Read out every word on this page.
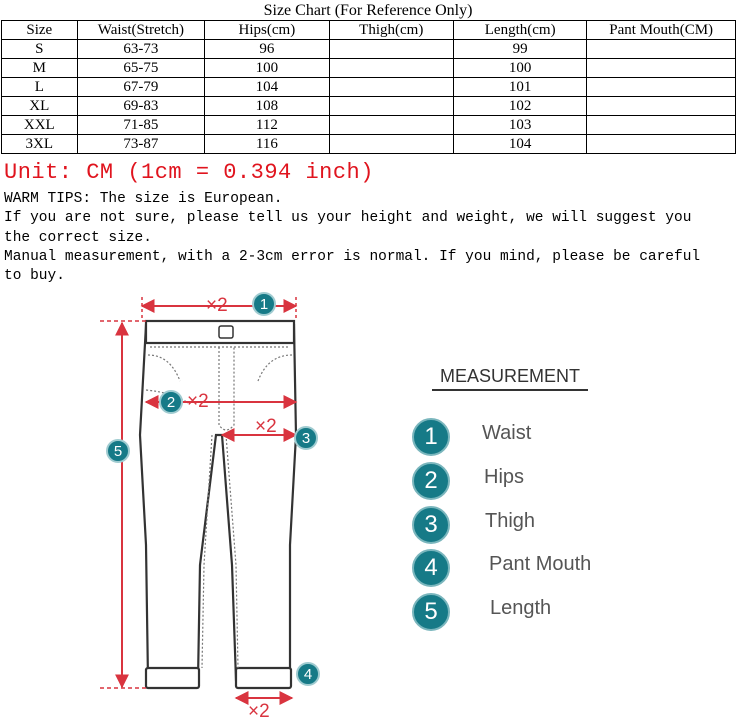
Size Chart (For Reference Only)
Size	Waist(Stretch)	Hips(cm)	Thigh(cm)	Length(cm)	Pant Mouth(CM)
S	63-73	96		99	
M	65-75	100		100	
L	67-79	104		101	
XL	69-83	108		102	
XXL	71-85	112		103	
3XL	73-87	116		104	
Unit: CM (1cm = 0.394 inch)
WARM TIPS: The size is European.
If you are not sure, please tell us your height and weight, we will suggest you
the correct size.
Manual measurement, with a 2-3cm error is normal. If you mind, please be careful
to buy.
×2
×2
×2
×2
1
2
3
4
5
MEASUREMENT
1	Waist
2	Hips
3	Thigh
4	Pant Mouth
5	Length
